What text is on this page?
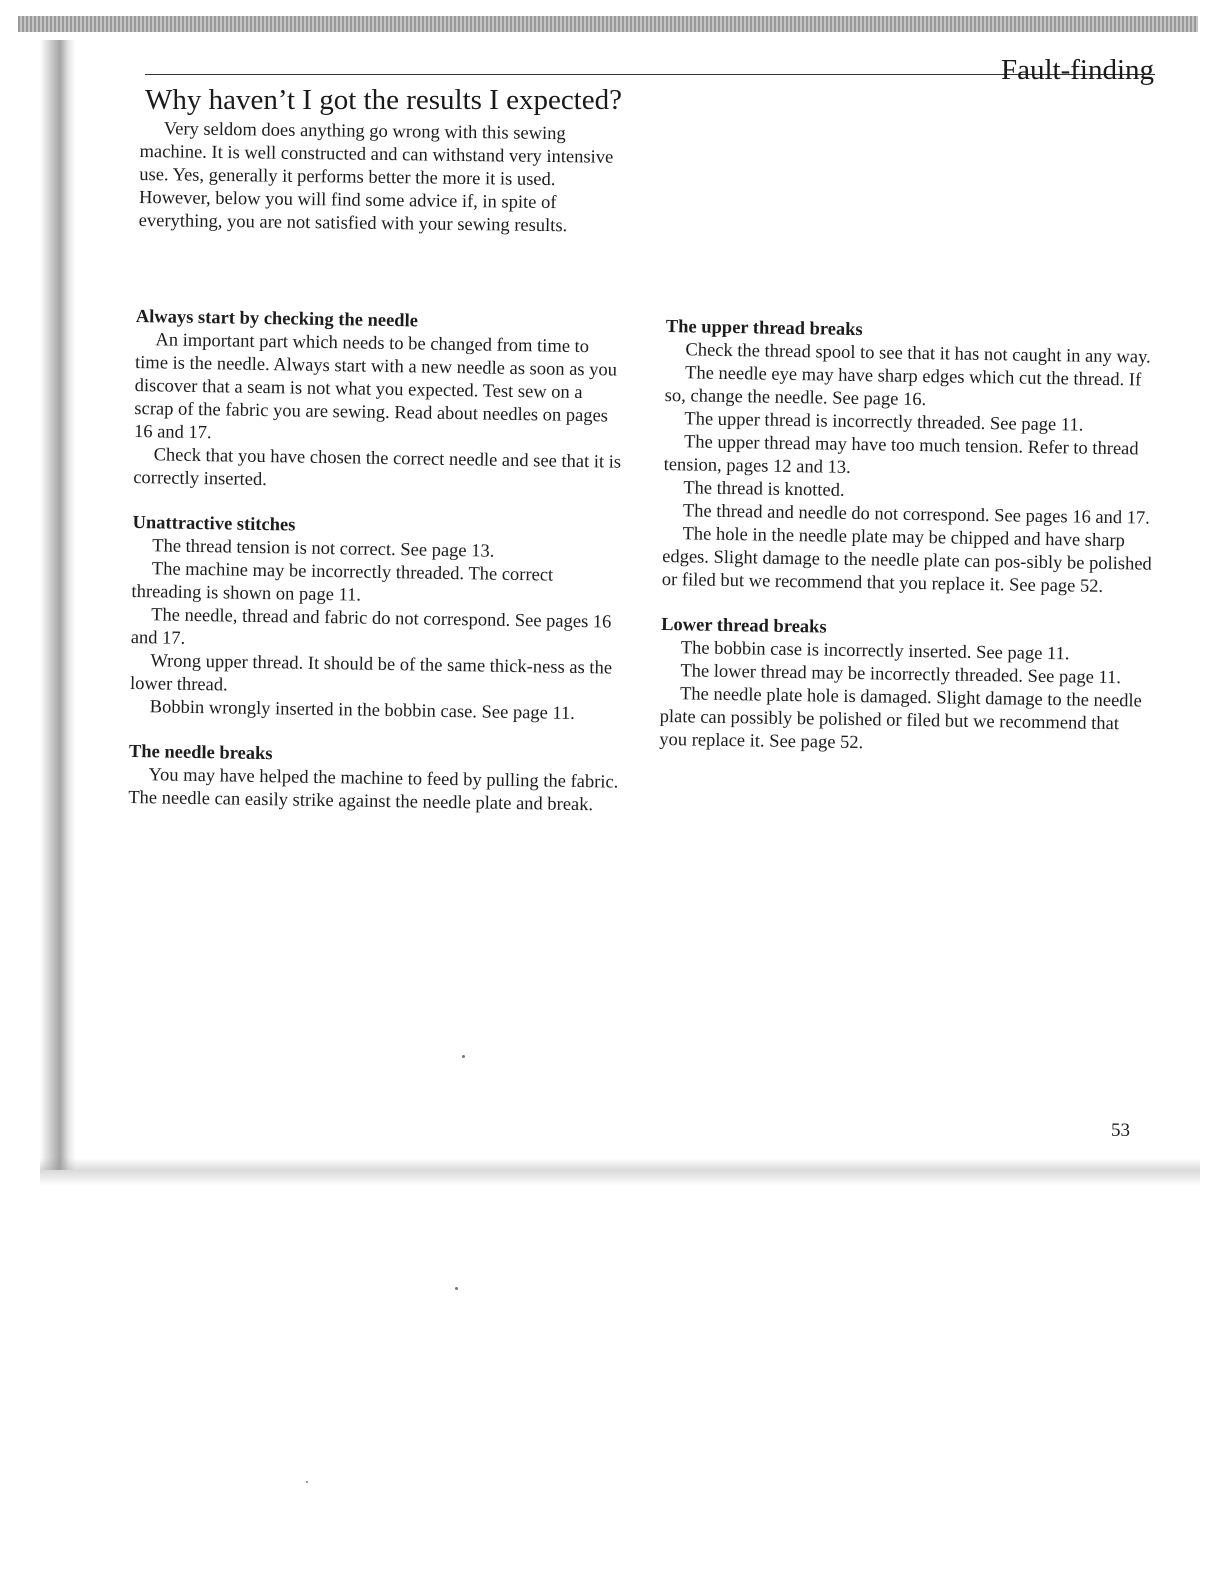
Fault-finding
Why haven’t I got the results I expected?

Very seldom does anything go wrong with this sewing machine. It is well constructed and can withstand very intensive use. Yes, generally it performs better the more it is used. However, below you will find some advice if, in spite of everything, you are not satisfied with your sewing results.

Always start by checking the needle

An important part which needs to be changed from time to time is the needle. Always start with a new needle as soon as you discover that a seam is not what you expected. Test sew on a scrap of the fabric you are sewing. Read about needles on pages 16 and 17.

Check that you have chosen the correct needle and see that it is correctly inserted.

Unattractive stitches

The thread tension is not correct. See page 13.

The machine may be incorrectly threaded. The correct threading is shown on page 11.

The needle, thread and fabric do not correspond. See pages 16 and 17.

Wrong upper thread. It should be of the same thick-ness as the lower thread.

Bobbin wrongly inserted in the bobbin case. See page 11.

The needle breaks

You may have helped the machine to feed by pulling the fabric. The needle can easily strike against the needle plate and break.

The upper thread breaks

Check the thread spool to see that it has not caught in any way.

The needle eye may have sharp edges which cut the thread. If so, change the needle. See page 16.

The upper thread is incorrectly threaded. See page 11.

The upper thread may have too much tension. Refer to thread tension, pages 12 and 13.

The thread is knotted.

The thread and needle do not correspond. See pages 16 and 17.

The hole in the needle plate may be chipped and have sharp edges. Slight damage to the needle plate can pos-sibly be polished or filed but we recommend that you replace it. See page 52.

Lower thread breaks

The bobbin case is incorrectly inserted. See page 11.

The lower thread may be incorrectly threaded. See page 11.

The needle plate hole is damaged. Slight damage to the needle plate can possibly be polished or filed but we recommend that you replace it. See page 52.

53
